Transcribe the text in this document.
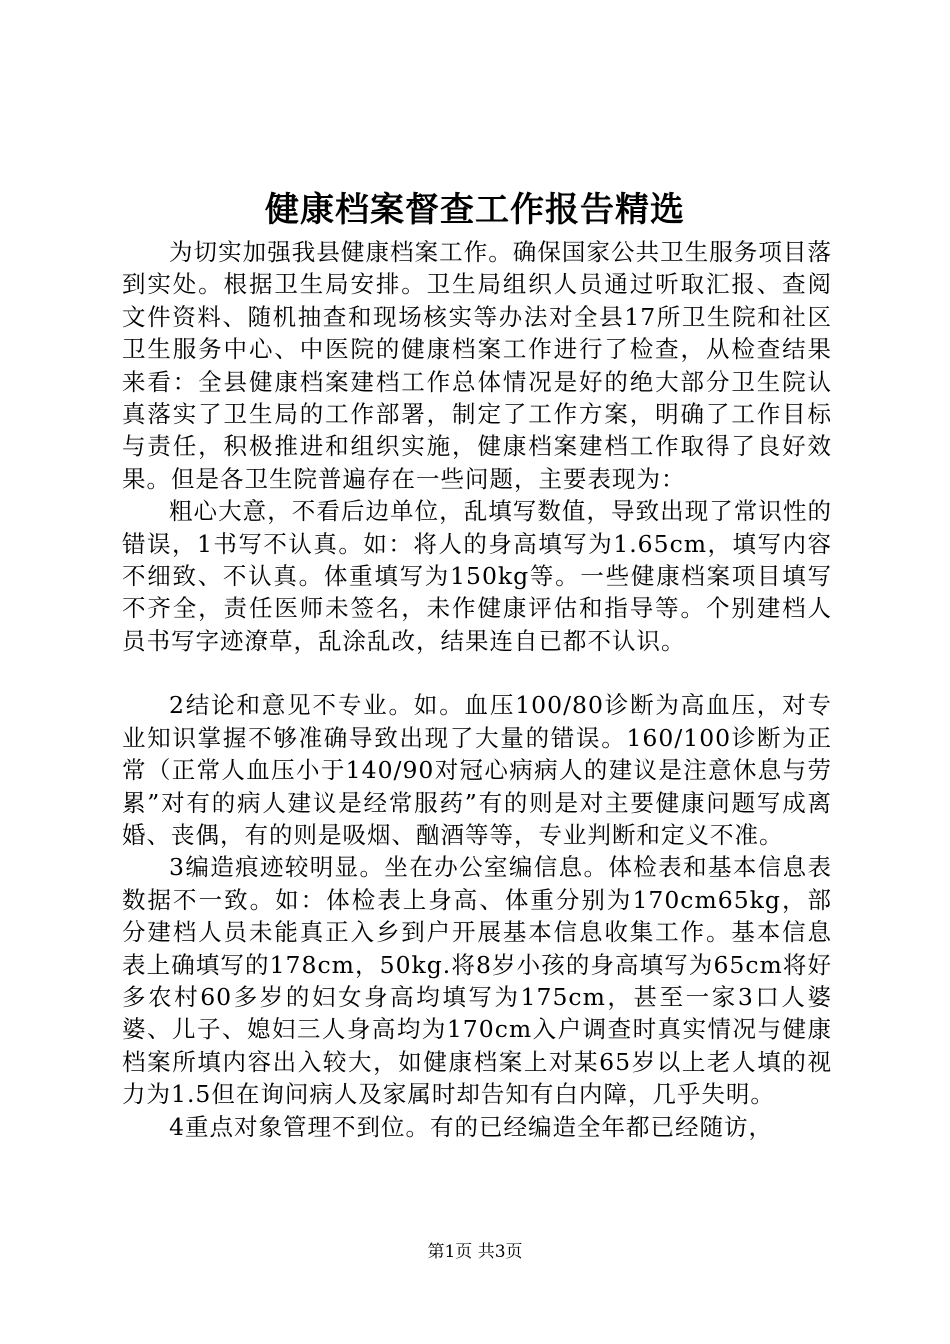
健康档案督查工作报告精选

为切实加强我县健康档案工作。确保国家公共卫生服务项目落到实处。根据卫生局安排。卫生局组织人员通过听取汇报、查阅文件资料、随机抽查和现场核实等办法对全县17所卫生院和社区卫生服务中心、中医院的健康档案工作进行了检查，从检查结果来看：全县健康档案建档工作总体情况是好的绝大部分卫生院认真落实了卫生局的工作部署，制定了工作方案，明确了工作目标与责任，积极推进和组织实施，健康档案建档工作取得了良好效果。但是各卫生院普遍存在一些问题，主要表现为：

粗心大意，不看后边单位，乱填写数值，导致出现了常识性的错误，1书写不认真。如：将人的身高填写为1.65cm，填写内容不细致、不认真。体重填写为150kg等。一些健康档案项目填写不齐全，责任医师未签名，未作健康评估和指导等。个别建档人员书写字迹潦草，乱涂乱改，结果连自已都不认识。

2结论和意见不专业。如。血压100/80诊断为高血压，对专业知识掌握不够准确导致出现了大量的错误。160/100诊断为正常（正常人血压小于140/90对冠心病病人的建议是注意休息与劳累”对有的病人建议是经常服药”有的则是对主要健康问题写成离婚、丧偶，有的则是吸烟、酗酒等等，专业判断和定义不准。

3编造痕迹较明显。坐在办公室编信息。体检表和基本信息表数据不一致。如：体检表上身高、体重分别为170cm65kg，部分建档人员未能真正入乡到户开展基本信息收集工作。基本信息表上确填写的178cm，50kg.将8岁小孩的身高填写为65cm将好多农村60多岁的妇女身高均填写为175cm，甚至一家3口人婆婆、儿子、媳妇三人身高均为170cm入户调查时真实情况与健康档案所填内容出入较大，如健康档案上对某65岁以上老人填的视力为1.5但在询问病人及家属时却告知有白内障，几乎失明。

4重点对象管理不到位。有的已经编造全年都已经随访，

第1页 共3页
